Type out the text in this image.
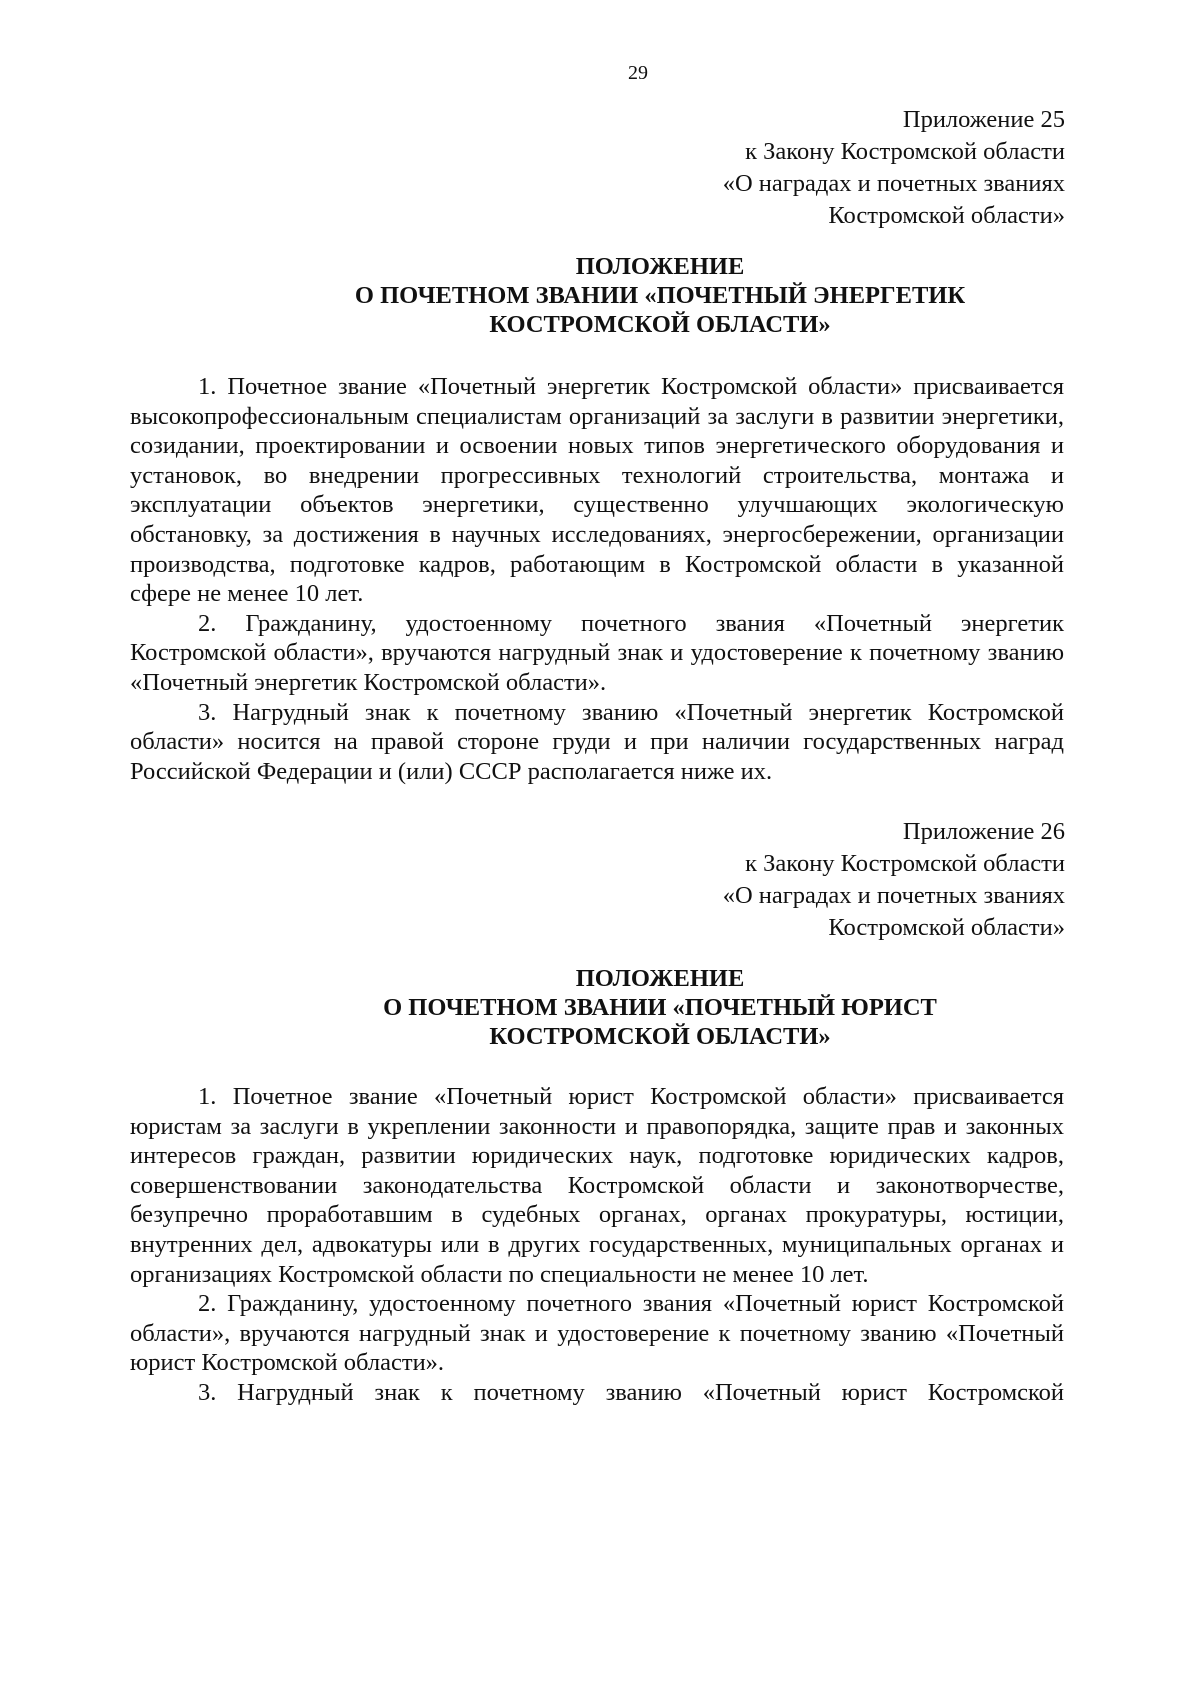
29
Приложение 25
к Закону Костромской области
«О наградах и почетных званиях
Костромской области»
ПОЛОЖЕНИЕ
О ПОЧЕТНОМ ЗВАНИИ «ПОЧЕТНЫЙ ЭНЕРГЕТИК
КОСТРОМСКОЙ ОБЛАСТИ»

1. Почетное звание «Почетный энергетик Костромской области» присваивается высокопрофессиональным специалистам организаций за заслуги в развитии энергетики, созидании, проектировании и освоении новых типов энергетического оборудования и установок, во внедрении прогрессивных технологий строительства, монтажа и эксплуатации объектов энергетики, существенно улучшающих экологическую обстановку, за достижения в научных исследованиях, энергосбережении, организации производства, подготовке кадров, работающим в Костромской области в указанной сфере не менее 10 лет.

2. Гражданину, удостоенному почетного звания «Почетный энергетик Костромской области», вручаются нагрудный знак и удостоверение к почетному званию «Почетный энергетик Костромской области».

3. Нагрудный знак к почетному званию «Почетный энергетик Костромской области» носится на правой стороне груди и при наличии государственных наград Российской Федерации и (или) СССР располагается ниже их.

Приложение 26
к Закону Костромской области
«О наградах и почетных званиях
Костромской области»
ПОЛОЖЕНИЕ
О ПОЧЕТНОМ ЗВАНИИ «ПОЧЕТНЫЙ ЮРИСТ
КОСТРОМСКОЙ ОБЛАСТИ»

1. Почетное звание «Почетный юрист Костромской области» присваивается юристам за заслуги в укреплении законности и правопорядка, защите прав и законных интересов граждан, развитии юридических наук, подготовке юридических кадров, совершенствовании законодательства Костромской области и законотворчестве, безупречно проработавшим в судебных органах, органах прокуратуры, юстиции, внутренних дел, адвокатуры или в других государственных, муниципальных органах и организациях Костромской области по специальности не менее 10 лет.

2. Гражданину, удостоенному почетного звания «Почетный юрист Костромской области», вручаются нагрудный знак и удостоверение к почетному званию «Почетный юрист Костромской области».

3. Нагрудный знак к почетному званию «Почетный юрист Костромской
